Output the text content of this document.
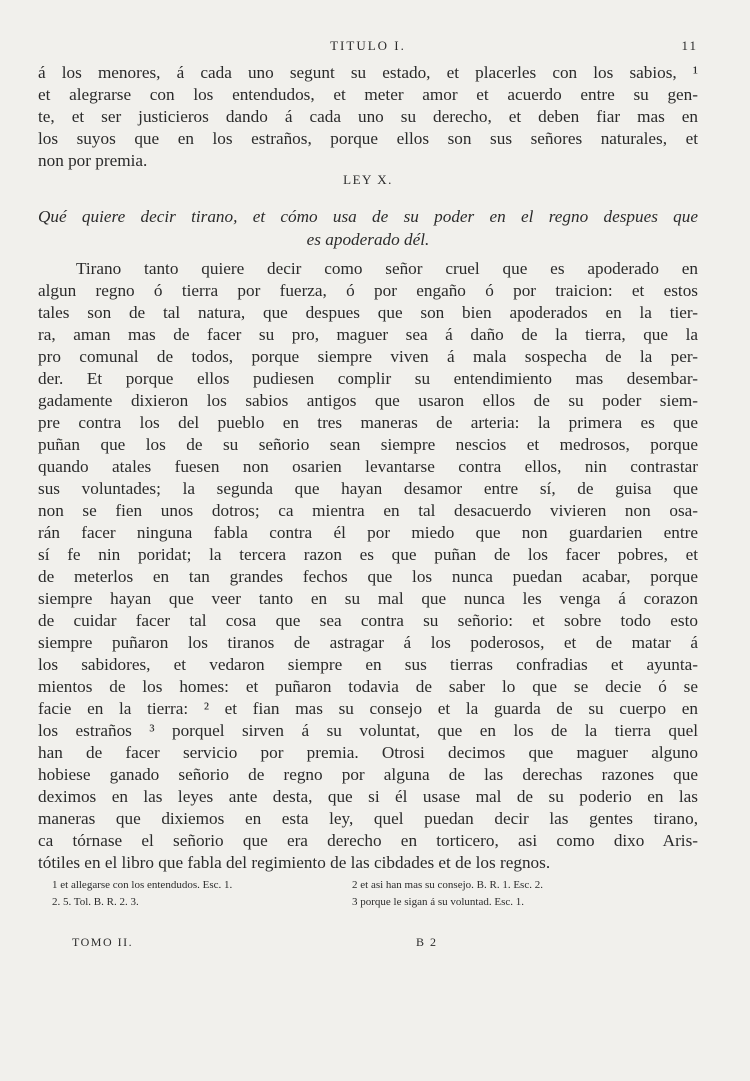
TITULO I.	11
á los menores, á cada uno segunt su estado, et placerles con los sabios, ¹
et alegrarse con los entendudos, et meter amor et acuerdo entre su gen-
te, et ser justicieros dando á cada uno su derecho, et deben fiar mas en
los suyos que en los estraños, porque ellos son sus señores naturales, et
non por premia.
LEY X.
Qué quiere decir tirano, et cómo usa de su poder en el regno despues que
es apoderado dél.
Tirano tanto quiere decir como señor cruel que es apoderado en
algun regno ó tierra por fuerza, ó por engaño ó por traicion: et estos
tales son de tal natura, que despues que son bien apoderados en la tier-
ra, aman mas de facer su pro, maguer sea á daño de la tierra, que la
pro comunal de todos, porque siempre viven á mala sospecha de la per-
der. Et porque ellos pudiesen complir su entendimiento mas desembar-
gadamente dixieron los sabios antigos que usaron ellos de su poder siem-
pre contra los del pueblo en tres maneras de arteria: la primera es que
puñan que los de su señorio sean siempre nescios et medrosos, porque
quando atales fuesen non osarien levantarse contra ellos, nin contrastar
sus voluntades; la segunda que hayan desamor entre sí, de guisa que
non se fien unos dotros; ca mientra en tal desacuerdo vivieren non osa-
rán facer ninguna fabla contra él por miedo que non guardarien entre
sí fe nin poridat; la tercera razon es que puñan de los facer pobres, et
de meterlos en tan grandes fechos que los nunca puedan acabar, porque
siempre hayan que veer tanto en su mal que nunca les venga á corazon
de cuidar facer tal cosa que sea contra su señorio: et sobre todo esto
siempre puñaron los tiranos de astragar á los poderosos, et de matar á
los sabidores, et vedaron siempre en sus tierras confradias et ayunta-
mientos de los homes: et puñaron todavia de saber lo que se decie ó se
facie en la tierra: ² et fian mas su consejo et la guarda de su cuerpo en
los estraños ³ porquel sirven á su voluntat, que en los de la tierra quel
han de facer servicio por premia. Otrosi decimos que maguer alguno
hobiese ganado señorio de regno por alguna de las derechas razones que
deximos en las leyes ante desta, que si él usase mal de su poderio en las
maneras que dixiemos en esta ley, quel puedan decir las gentes tirano,
ca tórnase el señorio que era derecho en torticero, asi como dixo Aris-
tótiles en el libro que fabla del regimiento de las cibdades et de los regnos.
1 et allegarse con los entendudos. Esc. 1.
2. 5. Tol. B. R. 2. 3.
2 et asi han mas su consejo. B. R. 1. Esc. 2.
3 porque le sigan á su voluntad. Esc. 1.
TOMO II.	B 2
